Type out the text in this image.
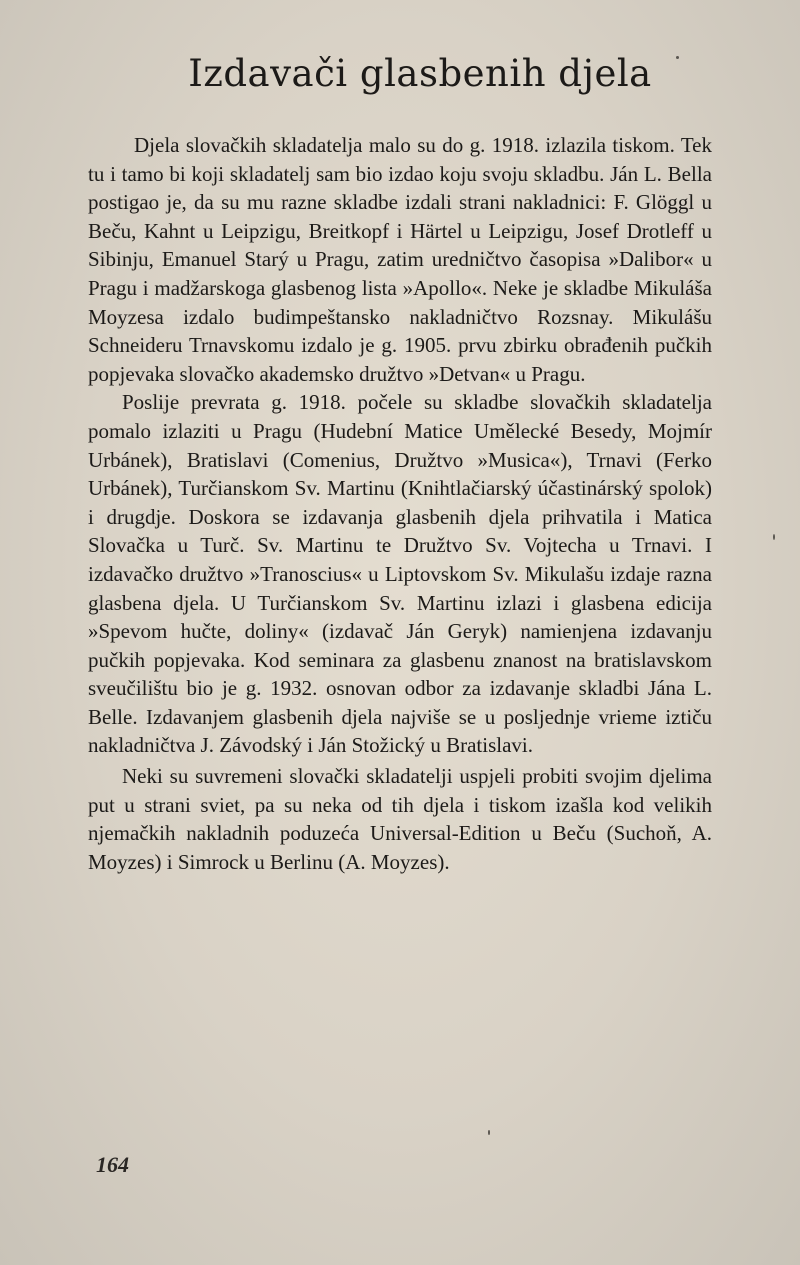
Izdavači glasbenih djela

Djela slovačkih skladatelja malo su do g. 1918. izlazila tiskom. Tek tu i tamo bi koji skladatelj sam bio izdao koju svoju skladbu. Ján L. Bella postigao je, da su mu razne skladbe izdali strani nakladnici: F. Glöggl u Beču, Kahnt u Leipzigu, Breitkopf i Härtel u Leipzigu, Josef Drotleff u Sibinju, Emanuel Starý u Pragu, zatim uredničtvo časopisa »Dalibor« u Pragu i madžarskoga glasbenog lista »Apollo«. Neke je skladbe Mikuláša Moyzesa izdalo budimpeštansko nakladničtvo Rozsnay. Mikulášu Schneideru Trnavskomu izdalo je g. 1905. prvu zbirku obrađenih pučkih popjevaka slovačko akademsko družtvo »Detvan« u Pragu.

Poslije prevrata g. 1918. počele su skladbe slovačkih skladatelja pomalo izlaziti u Pragu (Hudební Matice Umělecké Besedy, Mojmír Urbánek), Bratislavi (Comenius, Družtvo »Musica«), Trnavi (Ferko Urbánek), Turčianskom Sv. Martinu (Knihtlačiarský účastinárský spolok) i drugdje. Doskora se izdavanja glasbenih djela prihvatila i Matica Slovačka u Turč. Sv. Martinu te Družtvo Sv. Vojtecha u Trnavi. I izdavačko družtvo »Tranoscius« u Liptovskom Sv. Mikulašu izdaje razna glasbena djela. U Turčianskom Sv. Martinu izlazi i glasbena edicija »Spevom hučte, doliny« (izdavač Ján Geryk) namienjena izdavanju pučkih popjevaka. Kod seminara za glasbenu znanost na bratislavskom sveučilištu bio je g. 1932. osnovan odbor za izdavanje skladbi Jána L. Belle. Izdavanjem glasbenih djela najviše se u posljednje vrieme iztiču nakladničtva J. Závodský i Ján Stožický u Bratislavi.

Neki su suvremeni slovački skladatelji uspjeli probiti svojim djelima put u strani sviet, pa su neka od tih djela i tiskom izašla kod velikih njemačkih nakladnih poduzeća Universal-Edition u Beču (Suchoň, A. Moyzes) i Simrock u Berlinu (A. Moyzes).

164
